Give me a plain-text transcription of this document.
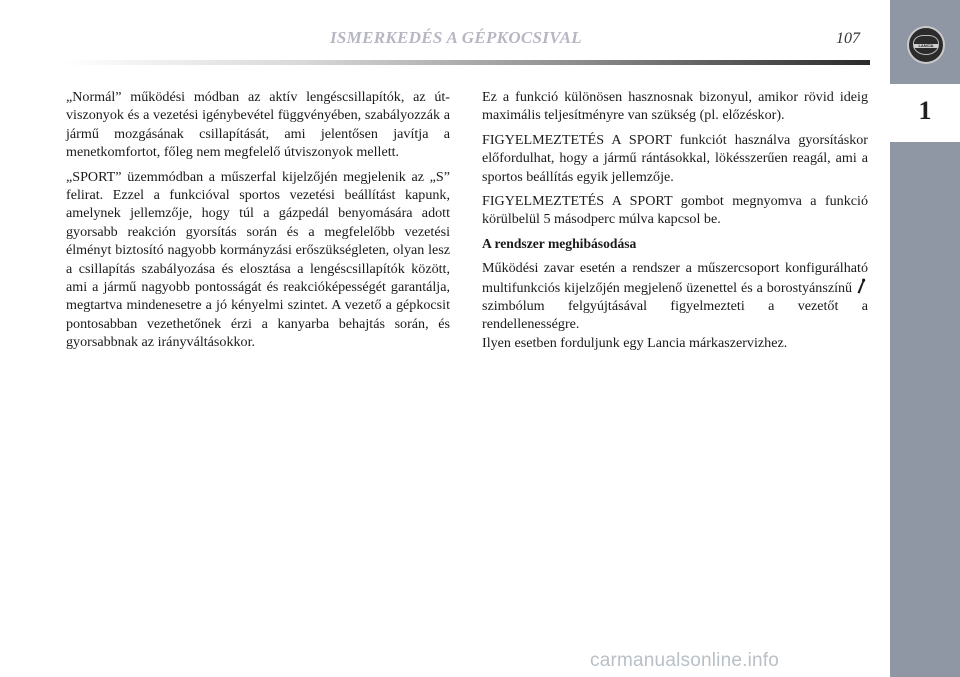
ISMERKEDÉS A GÉPKOCSIVAL	107	LANCIA
1

„Normál” működési módban az aktív lengéscsillapítók, az útviszonyok és a vezetési igénybevétel függvényében, szabályozzák a jármű mozgásának csillapítását, ami jelentősen javítja a menetkomfortot, főleg nem megfelelő útviszonyok mellett.

„SPORT” üzemmódban a műszerfal kijelzőjén megjelenik az „S” felirat. Ezzel a funkcióval sportos vezetési beállítást kapunk, amelynek jellemzője, hogy túl a gázpedál benyomására adott gyorsabb reakción gyorsítás során és a megfelelőbb vezetési élményt biztosító nagyobb kormányzási erőszükségleten, olyan lesz a csillapítás szabályozása és elosztása a lengéscsillapítók között, ami a jármű nagyobb pontosságát és reakcióképességét garantálja, megtartva mindenesetre a jó kényelmi szintet. A vezető a gépkocsit pontosabban vezethetőnek érzi a kanyarba behajtás során, és gyorsabbnak az irányváltásokkor.

Ez a funkció különösen hasznosnak bizonyul, amikor rövid ideig maximális teljesítményre van szükség (pl. előzéskor).

FIGYELMEZTETÉS A SPORT funkciót használva gyorsításkor előfordulhat, hogy a jármű rántásokkal, lökésszerűen reagál, ami a sportos beállítás egyik jellemzője.

FIGYELMEZTETÉS A SPORT gombot megnyomva a funkció körülbelül 5 másodperc múlva kapcsol be.

A rendszer meghibásodása

Működési zavar esetén a rendszer a műszercsoport konfigurálható multifunkciós kijelzőjén megjelenő üzenettel és a borostyánszínű szimbólum felgyújtásával figyelmezteti a vezetőt a rendellenességre.

Ilyen esetben forduljunk egy Lancia márkaszervizhez.

carmanualsonline.info
